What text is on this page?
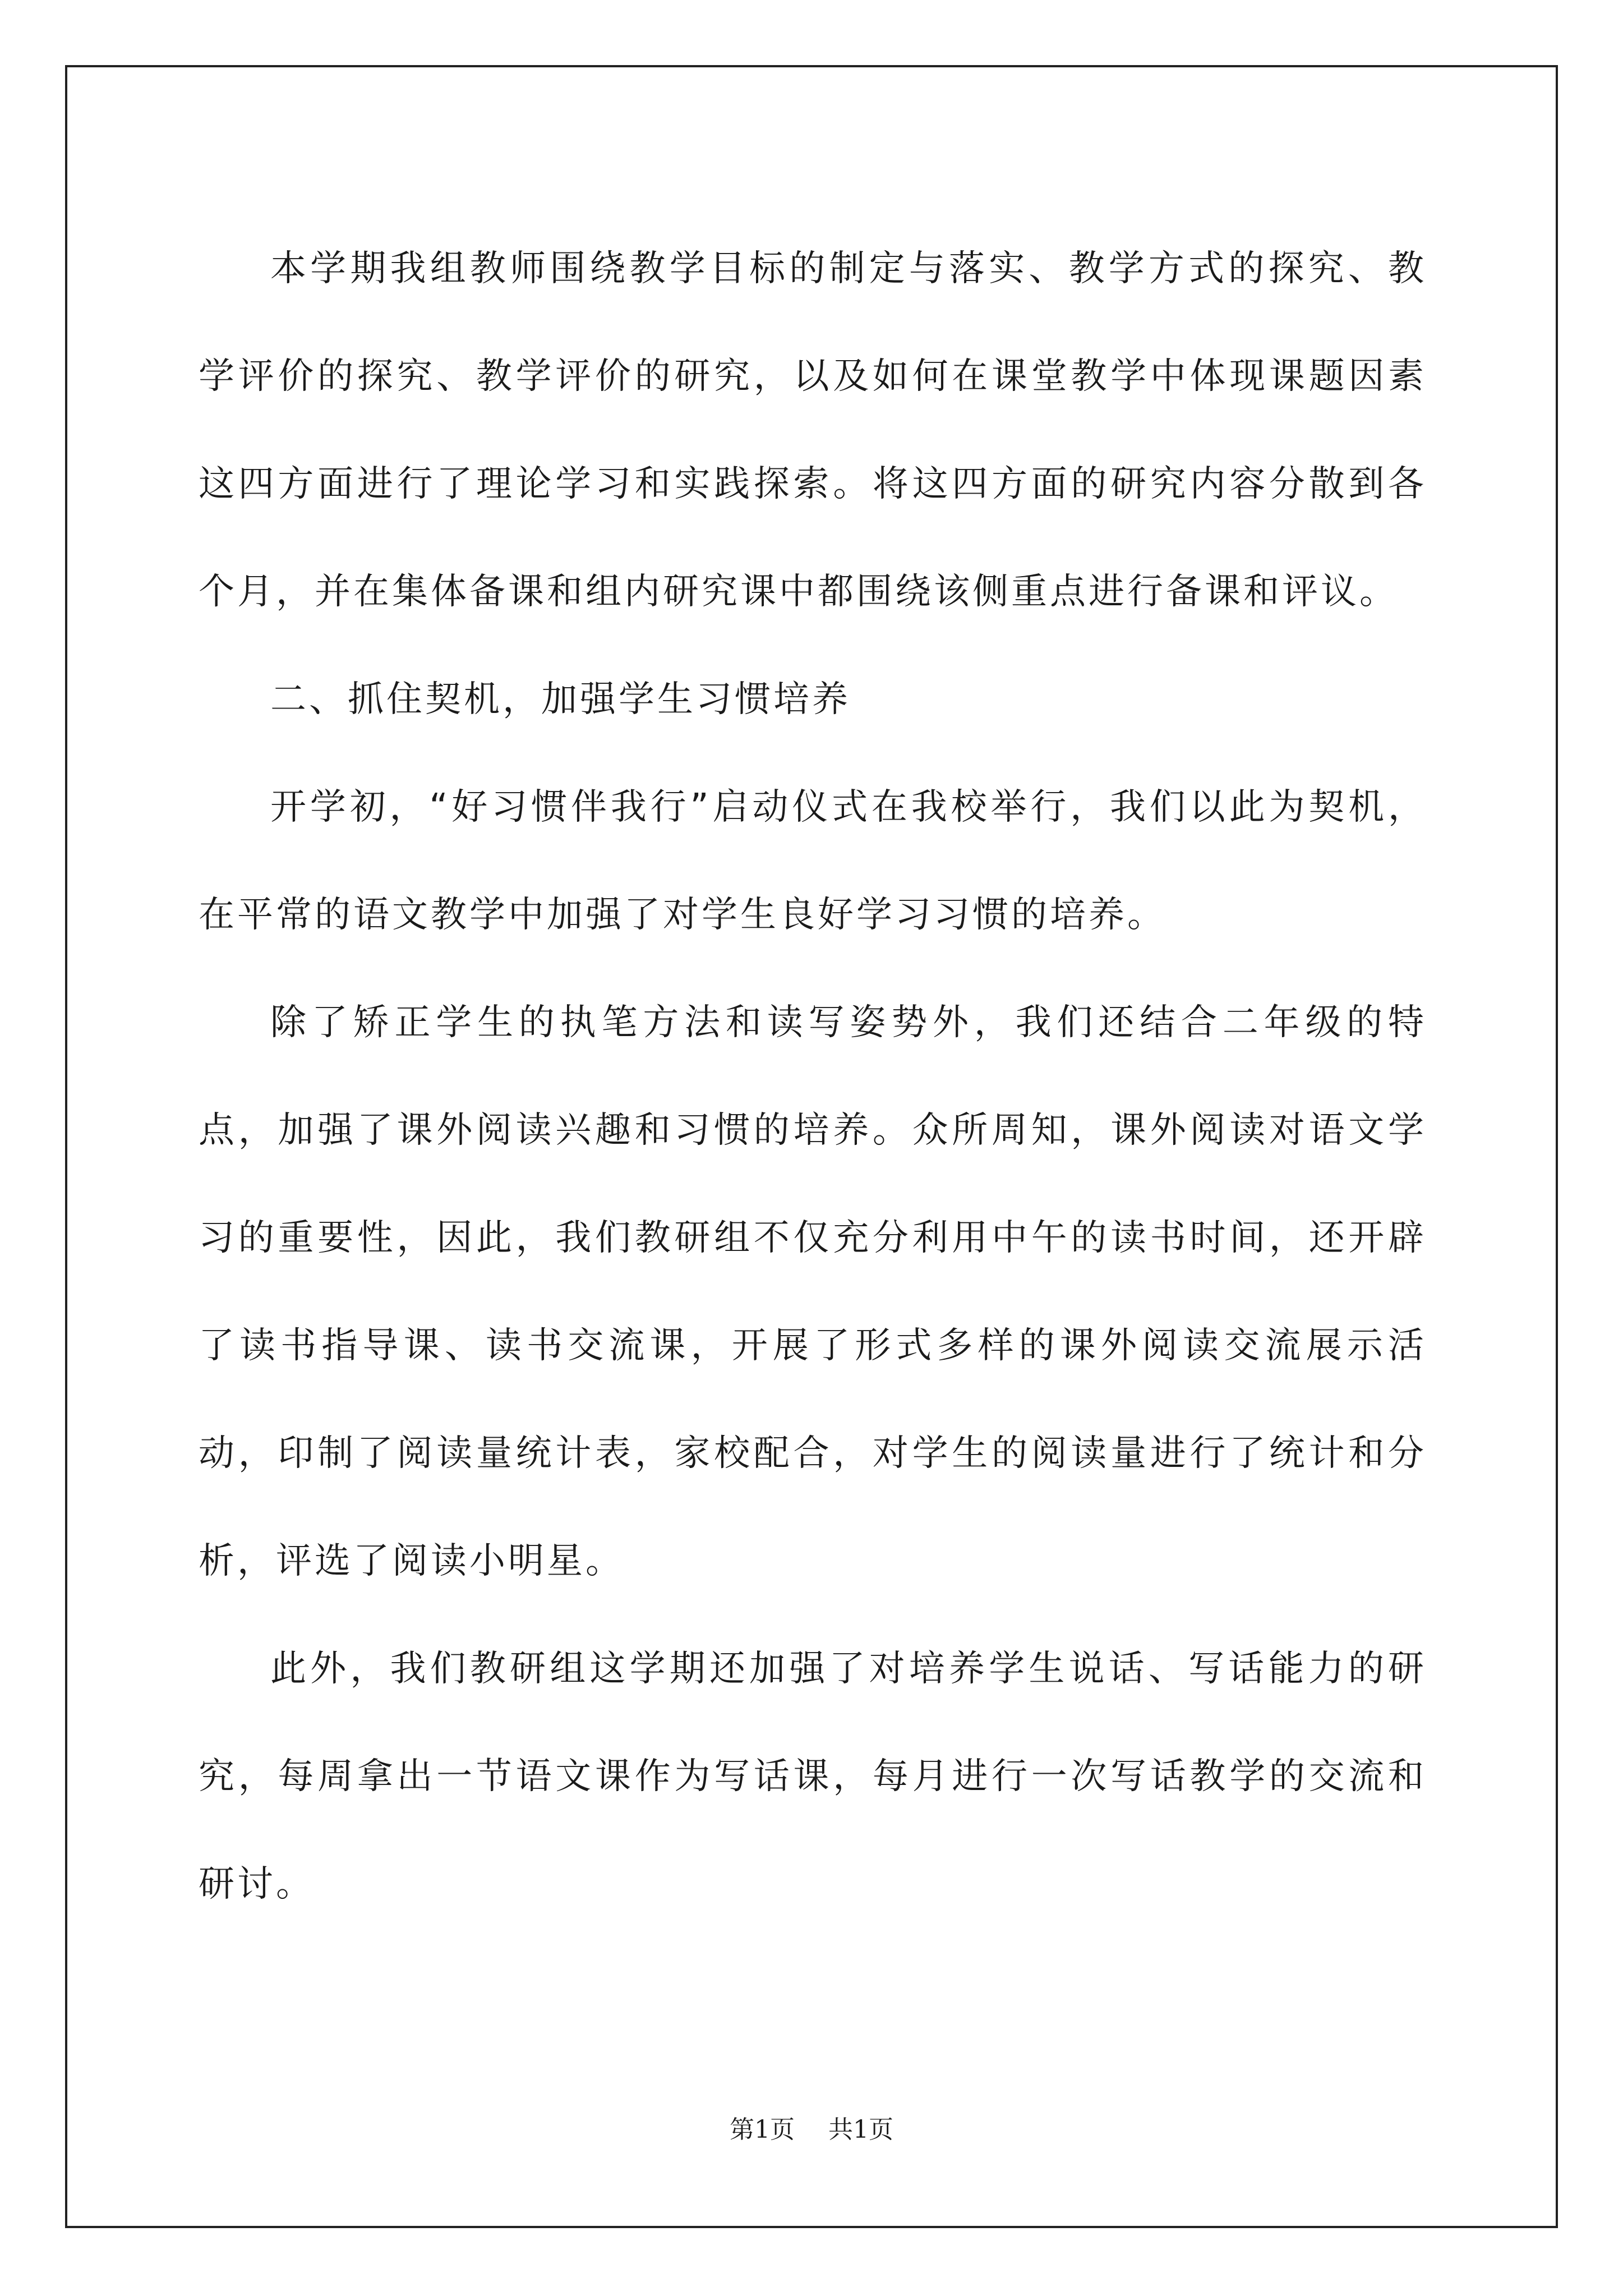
本学期我组教师围绕教学目标的制定与落实、教学方式的探究、教学评价的探究、教学评价的研究，以及如何在课堂教学中体现课题因素这四方面进行了理论学习和实践探索。将这四方面的研究内容分散到各个月，并在集体备课和组内研究课中都围绕该侧重点进行备课和评议。

二、抓住契机，加强学生习惯培养

开学初，“好习惯伴我行”启动仪式在我校举行，我们以此为契机，在平常的语文教学中加强了对学生良好学习习惯的培养。

除了矫正学生的执笔方法和读写姿势外，我们还结合二年级的特点，加强了课外阅读兴趣和习惯的培养。众所周知，课外阅读对语文学习的重要性，因此，我们教研组不仅充分利用中午的读书时间，还开辟了读书指导课、读书交流课，开展了形式多样的课外阅读交流展示活动，印制了阅读量统计表，家校配合，对学生的阅读量进行了统计和分析，评选了阅读小明星。

此外，我们教研组这学期还加强了对培养学生说话、写话能力的研究，每周拿出一节语文课作为写话课，每月进行一次写话教学的交流和研讨。

第1页 共1页
